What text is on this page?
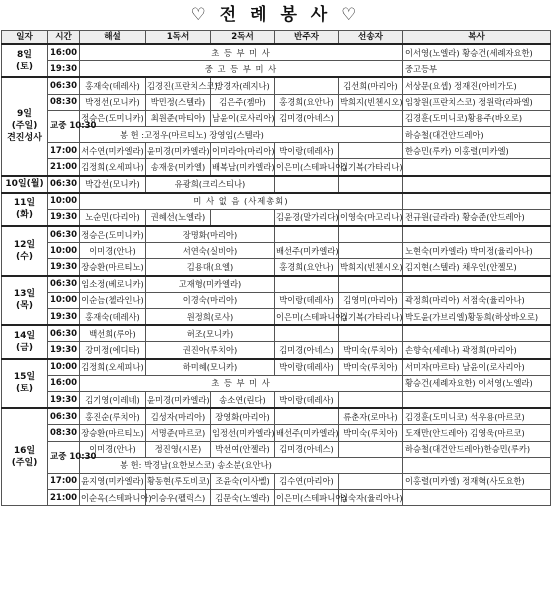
♡ 전 례 봉 사 ♡
일자	시간	해설	1독서	2독서	반주자	선송자	복사

8일
(토)	16:00	초 등 부 미 사					이서영(노엘라) 황승건(세례자요한)
	19:30	중 고 등 부 미 사					중고등부

9일
(주일)
견진성사	06:30	홍재숙(데레사)	김경진(프란치스코)	방경자(레지나)		김선희(마리아)	서상문(요셉) 정재진(아비가도)
	08:30	박정선(모니카)	박민정(스텔라)	김은주(젬마)	홍경희(요안나)	박희지(빈첸시오)	임창원(프란치스코) 정원락(라파엘)
	교중 10:30	정승은(도미니카)	최원준(마티아)	남윤이(로사리아)	김미경(아네스)		김경훈(도미니코)황용주(바오로)
		봉 헌 :고정우(마르티노) 장영임(스텔라)					하승철(대건안드레아)
	17:00	서수연(미카엘라)	윤미경(미카엘라)	이미라아(마리아)	박이랑(데레사)		한승민(루카) 이홍렬(미카엘)
	21:00	김정희(오세피나)	송재웅(미카엘)	배복남(미카엘라)	이은미(스테파니아)	김기복(가타리나)	

10일(월)	06:30	박갑선(모니카)	유광희(크리스티나)				

11일
(화)	10:00	미 사 없 음 (사제총회)					
	19:30	노순민(다리아)	권혜선(노엘라)		김윤경(말가리다)	이영숙(마고리나)	전규원(글라라) 황승준(안드레아)

12일
(수)	06:30	정승은(도미니카)	장명화(마리아)				
	10:00	이미경(안나)	서연숙(실비아)		배선주(미카엘라)		노현숙(미카엘라) 박미정(율리아나)
	19:30	장승환(마르티노)	김용대(요엘)		홍경희(요안나)	박희지(빈첸시오)	김지현(스텔라) 채우인(안젤모)

13일
(목)	06:30	임소정(베로니카)	고재형(미카엘라)				
	10:00	이순늠(첼라인나)	이경숙(마리아)		박이랑(데레사)	김영미(마리아)	곽정희(마리아) 서점숙(율리아나)
	19:30	홍재숙(데레사)	원정희(로사)		이은미(스테파니아)	김기복(가타리나)	박도윤(가브리엘)황동희(하상바오로)

14일
(금)	06:30	백선희(루아)	허조(모니카)				
	19:30	강미정(에디타)	권진아(루치아)		김미경(아네스)	박미숙(루치아)	손향숙(세레나) 곽정희(마리아)

15일
(토)	10:00	김정희(오세피나)	하미혜(모니카)		박이랑(데레사)	박미숙(루치아)	서미자(마르타) 남윤이(로사리아)
	16:00	초 등 부 미 사					황승건(세례자요한) 이서영(노엘라)
	19:30	김기영(이레네)	윤미경(미카엘라)	송소연(린다)	박이랑(데레사)		

16일
(주일)	06:30	홍진순(루치아)	김성자(마리아)	장영화(마리아)		류춘자(로마나)	김경훈(도미니코) 석우용(마르코)
	08:30	장승환(마르티노)	서명준(마르코)	임정선(미카엘라)	배선주(미카엘라)	박미숙(루치아)	도재만(안드레아) 김영욱(마르코)
	교중 10:30	이미경(안나)	정진영(시몬)	박선여(안젤라)	김미경(아네스)		하승철(대건안드레아)한승민(루카)
		봉 헌: 박경남(요한보스코) 송소분(요안나)					
	17:00	윤지영(미카엘라)	황동현(루도비코)	조윤숙(이사벨)	김수연(마리아)		이홍렬(미카엘) 정재혁(사도요한)
	21:00	이순옥(스테파니아)	이승우(펠릭스)	김문숙(노엘라)	이은미(스테파니아)	임숙자(율리아나)	
